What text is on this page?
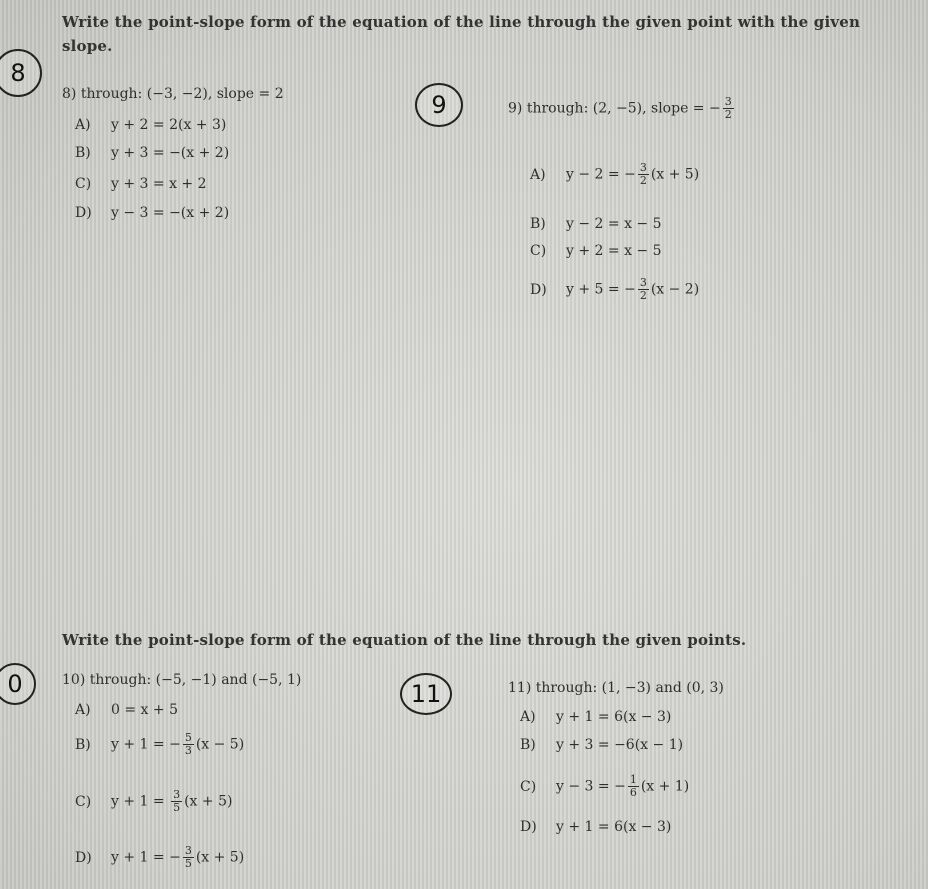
Write the point-slope form of the equation of the line through the given point with the given slope.
8
9
0	11
8) through: (−3, −2), slope = 2
A) y + 2 = 2(x + 3)
B) y + 3 = −(x + 2)
C) y + 3 = x + 2
D) y − 3 = −(x + 2)
9) through: (2, −5), slope = − $\frac{3}{2}$
A) y − 2 = − $\frac{3}{2} (x + 5)$
B) y − 2 = x − 5
C) y + 2 = x − 5
D) y + 5 = − $\frac{3}{2} (x - 2)$
Write the point-slope form of the equation of the line through the given points.
10) through: (−5, −1) and (−5, 1)
A) 0 = x + 5
B) y + 1 = − $\frac{5}{3} (x - 5)$
C) $y + 1 = \frac{3}{5} (x + 5)$
D) y + 1 = − $\frac{3}{5} (x + 5)$
11) through: (1, −3) and (0, 3)
A) y + 1 = 6(x − 3)
B) y + 3 = −6(x − 1)
C) y − 3 = − $\frac{1}{6} (x + 1)$
D) y + 1 = 6(x − 3)
